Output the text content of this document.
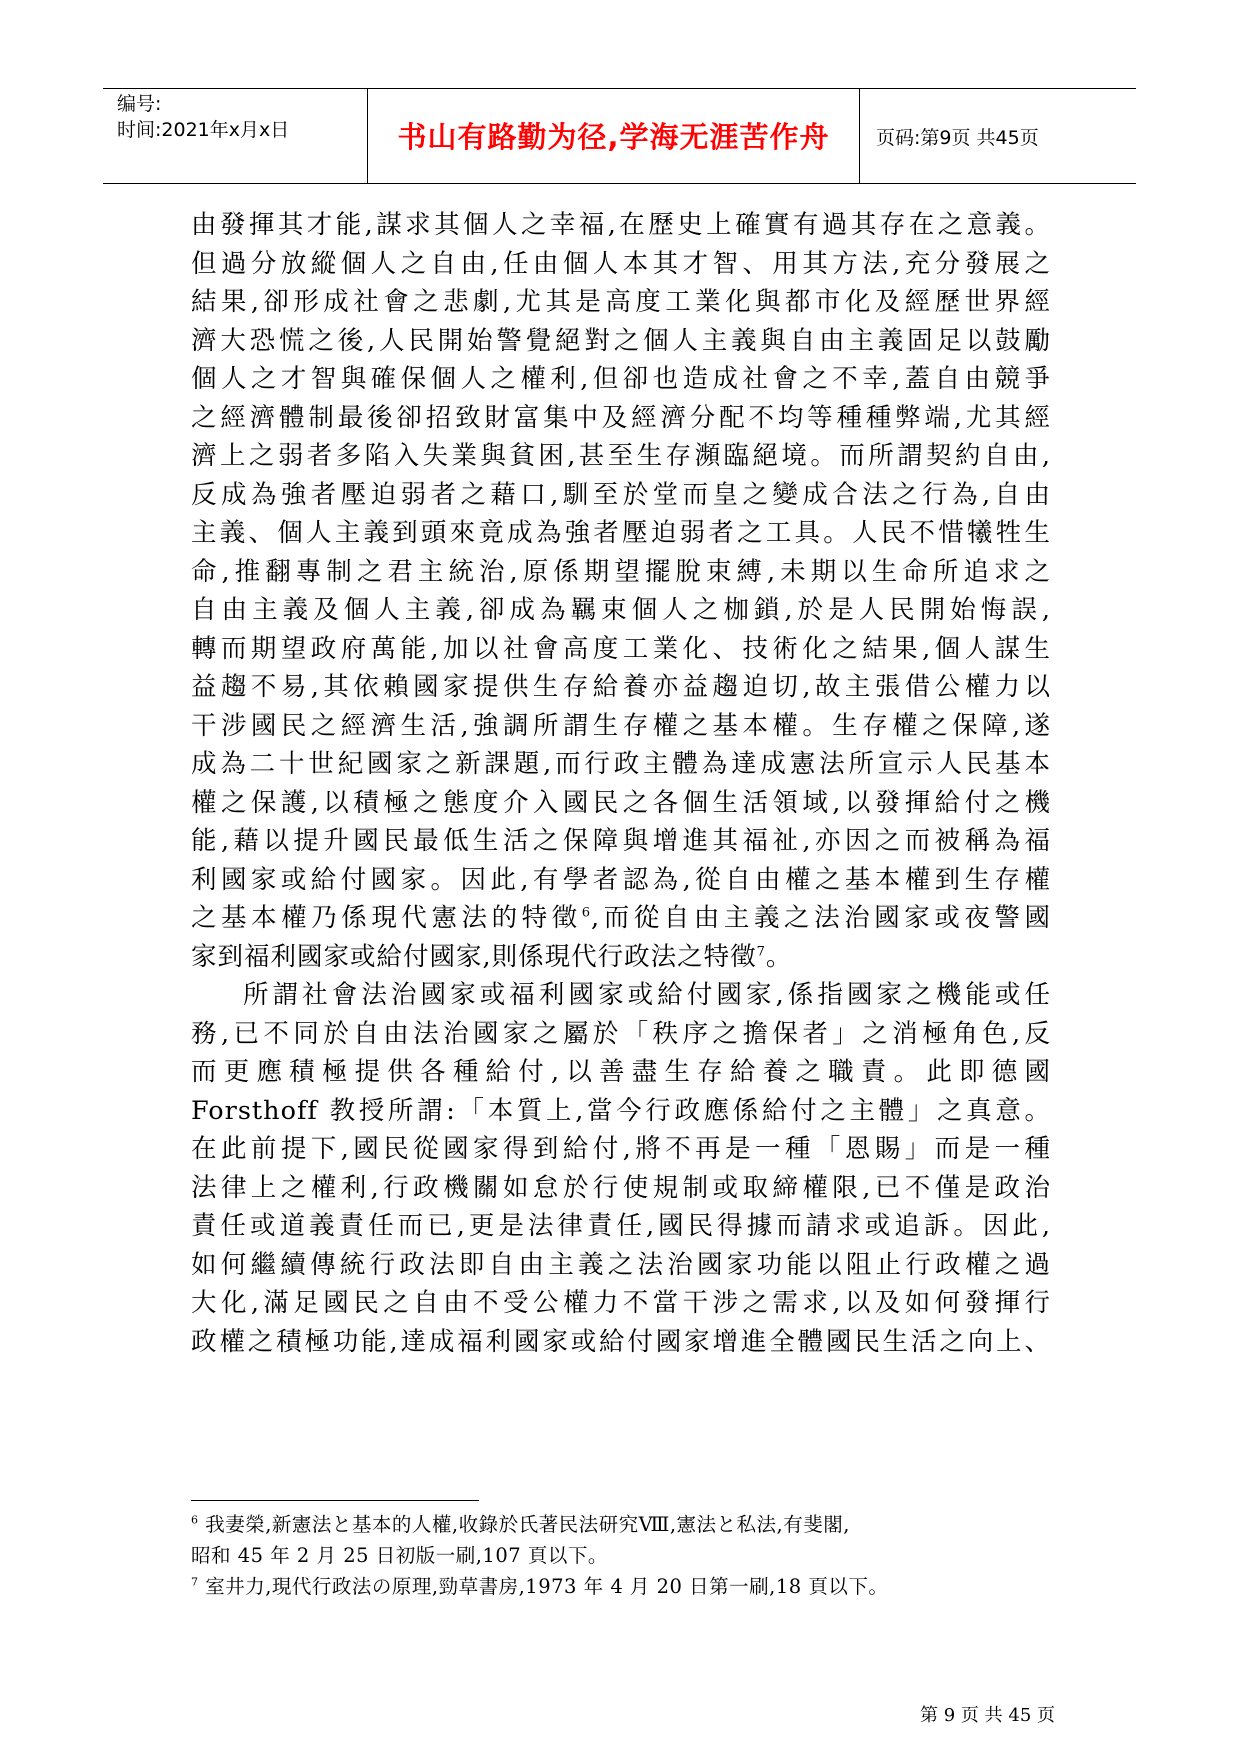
编号:
时间:2021年x月x日	书山有路勤为径,学海无涯苦作舟	页码:第9页 共45页
由發揮其才能,謀求其個人之幸福,在歷史上確實有過其存在之意義。
但過分放縱個人之自由,任由個人本其才智、用其方法,充分發展之
結果,卻形成社會之悲劇,尤其是高度工業化與都市化及經歷世界經
濟大恐慌之後,人民開始警覺絕對之個人主義與自由主義固足以鼓勵
個人之才智與確保個人之權利,但卻也造成社會之不幸,蓋自由競爭
之經濟體制最後卻招致財富集中及經濟分配不均等種種弊端,尤其經
濟上之弱者多陷入失業與貧困,甚至生存瀕臨絕境。而所謂契約自由,
反成為強者壓迫弱者之藉口,馴至於堂而皇之變成合法之行為,自由
主義、個人主義到頭來竟成為強者壓迫弱者之工具。人民不惜犧牲生
命,推翻專制之君主統治,原係期望擺脫束縛,未期以生命所追求之
自由主義及個人主義,卻成為羈束個人之枷鎖,於是人民開始悔誤,
轉而期望政府萬能,加以社會高度工業化、技術化之結果,個人謀生
益趨不易,其依賴國家提供生存給養亦益趨迫切,故主張借公權力以
干涉國民之經濟生活,強調所謂生存權之基本權。生存權之保障,遂
成為二十世紀國家之新課題,而行政主體為達成憲法所宣示人民基本
權之保護,以積極之態度介入國民之各個生活領域,以發揮給付之機
能,藉以提升國民最低生活之保障與增進其福祉,亦因之而被稱為福
利國家或給付國家。因此,有學者認為,從自由權之基本權到生存權
之基本權乃係現代憲法的特徵$^6$,而從自由主義之法治國家或夜警國
家到福利國家或給付國家,則係現代行政法之特徵$^7$。
所謂社會法治國家或福利國家或給付國家,係指國家之機能或任
務,已不同於自由法治國家之屬於「秩序之擔保者」之消極角色,反
而更應積極提供各種給付,以善盡生存給養之職責。此即德國
Forsthoff 教授所謂:「本質上,當今行政應係給付之主體」之真意。
在此前提下,國民從國家得到給付,將不再是一種「恩賜」而是一種
法律上之權利,行政機關如怠於行使規制或取締權限,已不僅是政治
責任或道義責任而已,更是法律責任,國民得據而請求或追訴。因此,
如何繼續傳統行政法即自由主義之法治國家功能以阻止行政權之過
大化,滿足國民之自由不受公權力不當干涉之需求,以及如何發揮行
政權之積極功能,達成福利國家或給付國家增進全體國民生活之向上、
$^6$ 我妻榮,新憲法と基本的人權,收錄於氏著民法研究Ⅷ,憲法と私法,有斐閣,
昭和 45 年 2 月 25 日初版一刷,107 頁以下。
$^7$ 室井力,現代行政法の原理,勁草書房,1973 年 4 月 20 日第一刷,18 頁以下。
第 9 页 共 45 页
